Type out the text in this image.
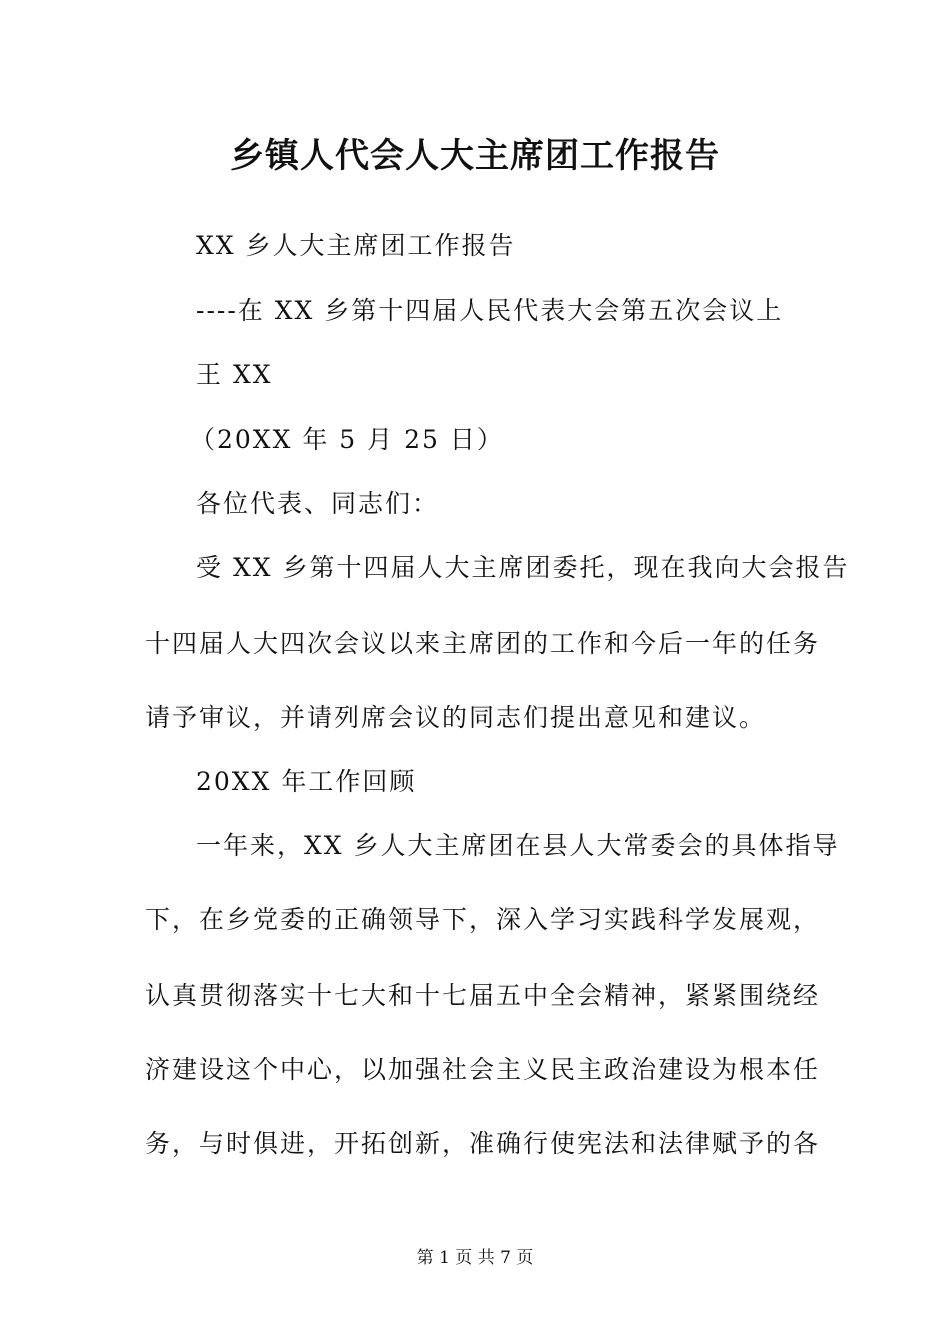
乡镇人代会人大主席团工作报告
XX 乡人大主席团工作报告
----在 XX 乡第十四届人民代表大会第五次会议上
王 XX
（20XX 年 5 月 25 日）
各位代表、同志们：
受 XX 乡第十四届人大主席团委托，现在我向大会报告
十四届人大四次会议以来主席团的工作和今后一年的任务
请予审议，并请列席会议的同志们提出意见和建议。
20XX 年工作回顾
一年来，XX 乡人大主席团在县人大常委会的具体指导
下，在乡党委的正确领导下，深入学习实践科学发展观，
认真贯彻落实十七大和十七届五中全会精神，紧紧围绕经
济建设这个中心，以加强社会主义民主政治建设为根本任
务，与时俱进，开拓创新，准确行使宪法和法律赋予的各
第 1 页 共 7 页
